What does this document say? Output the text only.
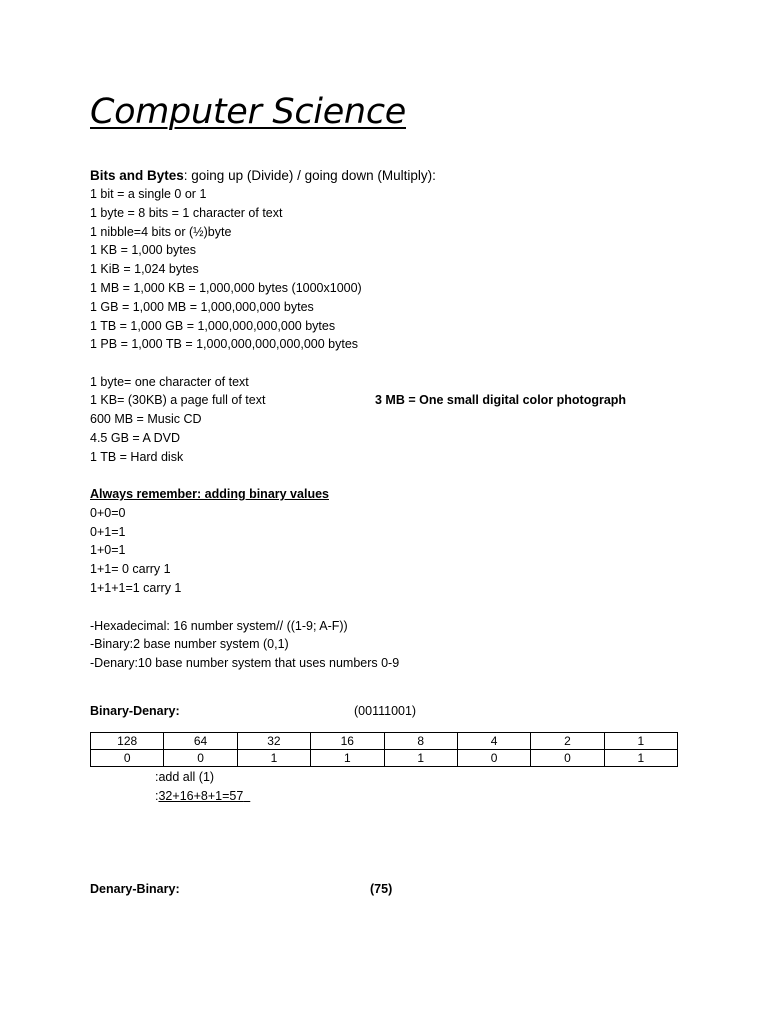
Computer Science
Bits and Bytes: going up (Divide) / going down (Multiply):
1 bit = a single 0 or 1
1 byte = 8 bits = 1 character of text
1 nibble=4 bits or (½)byte
1 KB = 1,000 bytes
1 KiB = 1,024 bytes
1 MB = 1,000 KB = 1,000,000 bytes (1000x1000)
1 GB = 1,000 MB = 1,000,000,000 bytes
1 TB = 1,000 GB = 1,000,000,000,000 bytes
1 PB = 1,000 TB = 1,000,000,000,000,000 bytes
1 byte= one character of text
1 KB= (30KB) a page full of text	3 MB = One small digital color photograph
600 MB = Music CD
4.5 GB = A DVD
1 TB = Hard disk
Always remember: adding binary values
0+0=0
0+1=1
1+0=1
1+1= 0 carry 1
1+1+1=1 carry 1
-Hexadecimal: 16 number system// ((1-9; A-F))
-Binary:2 base number system (0,1)
-Denary:10 base number system that uses numbers 0-9
Binary-Denary:	(00111001)
128	64	32	16	8	4	2	1
0	0	1	1	1	0	0	1
:add all (1)
:32+16+8+1=57
Denary-Binary:	(75)
